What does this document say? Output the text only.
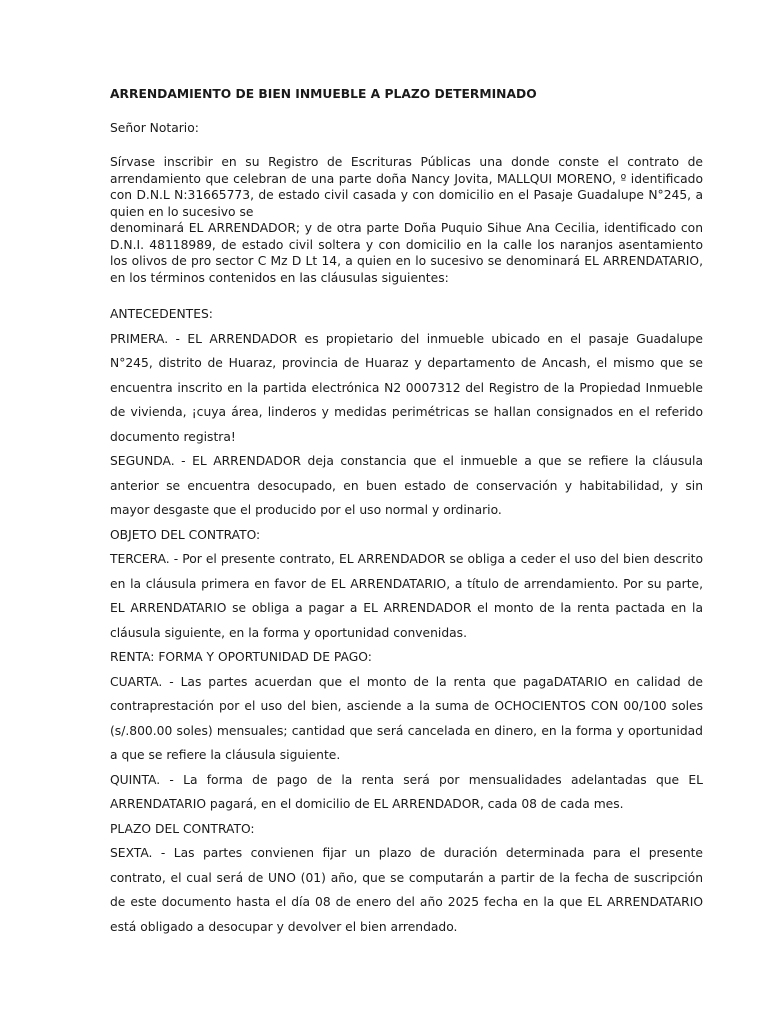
ARRENDAMIENTO DE BIEN INMUEBLE A PLAZO DETERMINADO

Señor Notario:

Sírvase inscribir en su Registro de Escrituras Públicas una donde conste el contrato de arrendamiento que celebran de una parte doña Nancy Jovita, MALLQUI MORENO, º identificado con D.N.L N:31665773, de estado civil casada y con domicilio en el Pasaje Guadalupe N°245, a quien en lo sucesivo se

denominará EL ARRENDADOR; y de otra parte Doña Puquio Sihue Ana Cecilia, identificado con D.N.I. 48118989, de estado civil soltera y con domicilio en la calle los naranjos asentamiento los olivos de pro sector C Mz D Lt 14, a quien en lo sucesivo se denominará EL ARRENDATARIO, en los términos contenidos en las cláusulas siguientes:

ANTECEDENTES:

PRIMERA. - EL ARRENDADOR es propietario del inmueble ubicado en el pasaje Guadalupe N°245, distrito de Huaraz, provincia de Huaraz y departamento de Ancash, el mismo que se encuentra inscrito en la partida electrónica N2 0007312 del Registro de la Propiedad Inmueble de vivienda, ¡cuya área, linderos y medidas perimétricas se hallan consignados en el referido documento registra!

SEGUNDA. - EL ARRENDADOR deja constancia que el inmueble a que se refiere la cláusula anterior se encuentra desocupado, en buen estado de conservación y habitabilidad, y sin mayor desgaste que el producido por el uso normal y ordinario.

OBJETO DEL CONTRATO:

TERCERA. - Por el presente contrato, EL ARRENDADOR se obliga a ceder el uso del bien descrito en la cláusula primera en favor de EL ARRENDATARIO, a título de arrendamiento. Por su parte, EL ARRENDATARIO se obliga a pagar a EL ARRENDADOR el monto de la renta pactada en la cláusula siguiente, en la forma y oportunidad convenidas.

RENTA: FORMA Y OPORTUNIDAD DE PAGO:

CUARTA. - Las partes acuerdan que el monto de la renta que pagaDATARIO en calidad de contraprestación por el uso del bien, asciende a la suma de OCHOCIENTOS CON 00/100 soles (s/.800.00 soles) mensuales; cantidad que será cancelada en dinero, en la forma y oportunidad a que se refiere la cláusula siguiente.

QUINTA. - La forma de pago de la renta será por mensualidades adelantadas que EL ARRENDATARIO pagará, en el domicilio de EL ARRENDADOR, cada 08 de cada mes.

PLAZO DEL CONTRATO:

SEXTA. - Las partes convienen fijar un plazo de duración determinada para el presente contrato, el cual será de UNO (01) año, que se computarán a partir de la fecha de suscripción de este documento hasta el día 08 de enero del año 2025 fecha en la que EL ARRENDATARIO está obligado a desocupar y devolver el bien arrendado.
